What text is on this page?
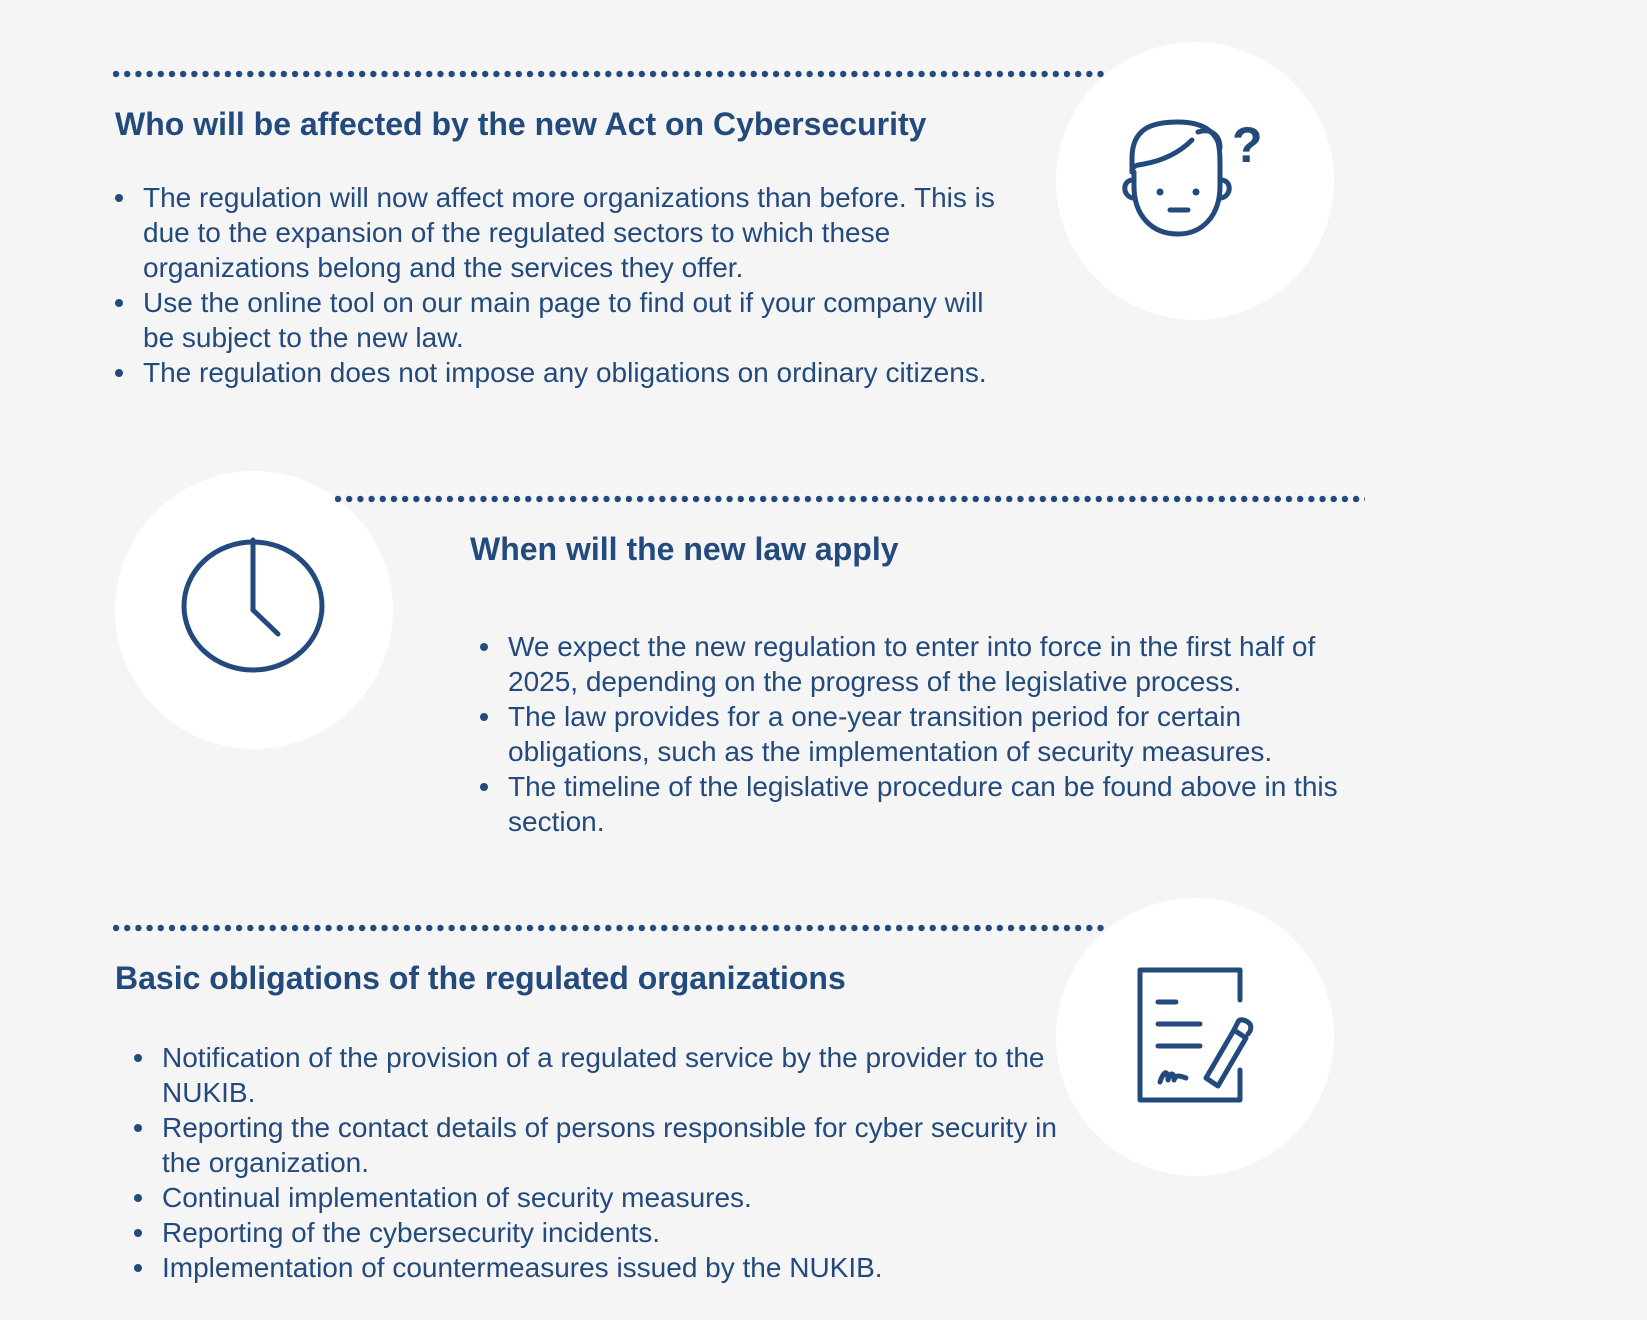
?
Who will be affected by the new Act on Cybersecurity
The regulation will now affect more organizations than before. This is due to the expansion of the regulated sectors to which these organizations belong and the services they offer.
Use the online tool on our main page to find out if your company will be subject to the new law.
The regulation does not impose any obligations on ordinary citizens.
When will the new law apply
We expect the new regulation to enter into force in the first half of 2025, depending on the progress of the legislative process.
The law provides for a one-year transition period for certain obligations, such as the implementation of security measures.
The timeline of the legislative procedure can be found above in this section.
Basic obligations of the regulated organizations
Notification of the provision of a regulated service by the provider to the NUKIB.
Reporting the contact details of persons responsible for cyber security in the organization.
Continual implementation of security measures.
Reporting of the cybersecurity incidents.
Implementation of countermeasures issued by the NUKIB.
